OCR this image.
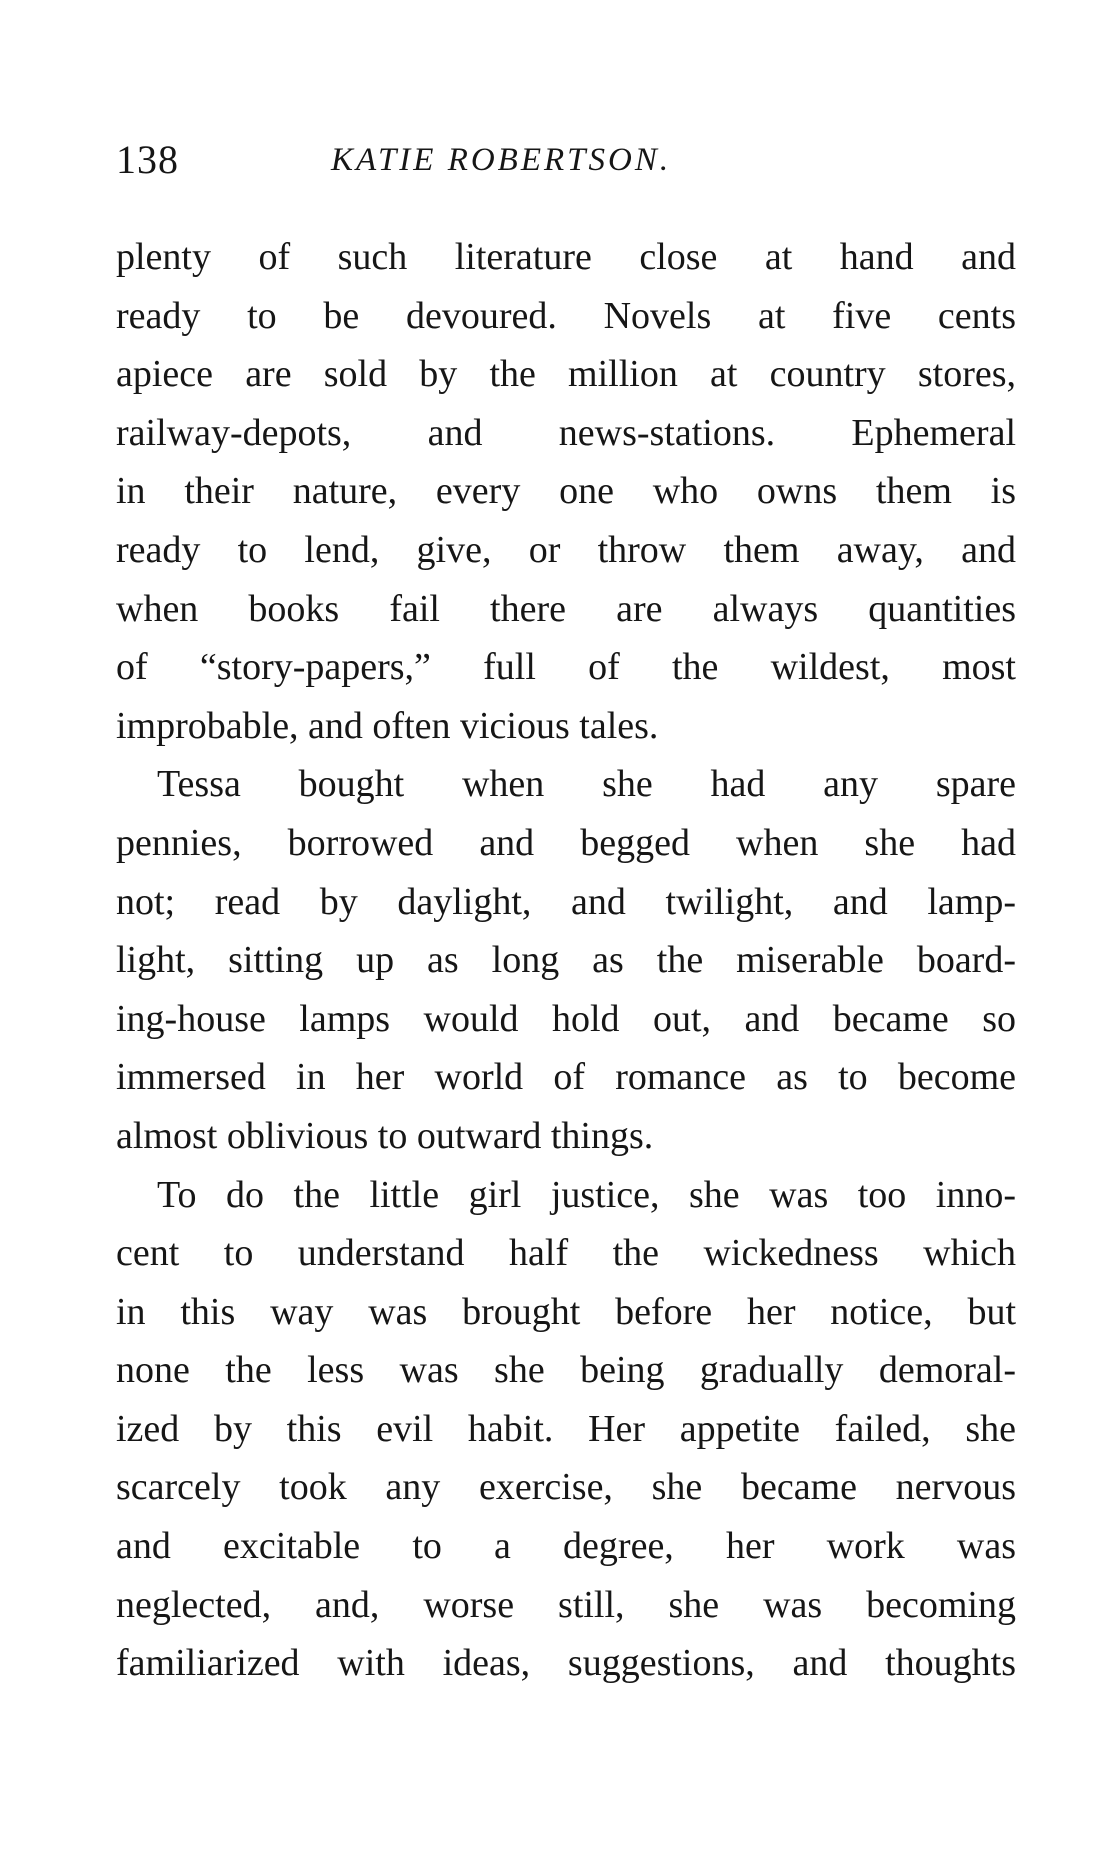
138	KATIE ROBERTSON.
plenty of such literature close at hand and
ready to be devoured. Novels at five cents
apiece are sold by the million at country stores,
railway-depots, and news-stations. Ephemeral
in their nature, every one who owns them is
ready to lend, give, or throw them away, and
when books fail there are always quantities
of “story-papers,” full of the wildest, most
improbable, and often vicious tales.
Tessa bought when she had any spare
pennies, borrowed and begged when she had
not; read by daylight, and twilight, and lamp-
light, sitting up as long as the miserable board-
ing-house lamps would hold out, and became so
immersed in her world of romance as to become
almost oblivious to outward things.
To do the little girl justice, she was too inno-
cent to understand half the wickedness which
in this way was brought before her notice, but
none the less was she being gradually demoral-
ized by this evil habit. Her appetite failed, she
scarcely took any exercise, she became nervous
and excitable to a degree, her work was
neglected, and, worse still, she was becoming
familiarized with ideas, suggestions, and thoughts
